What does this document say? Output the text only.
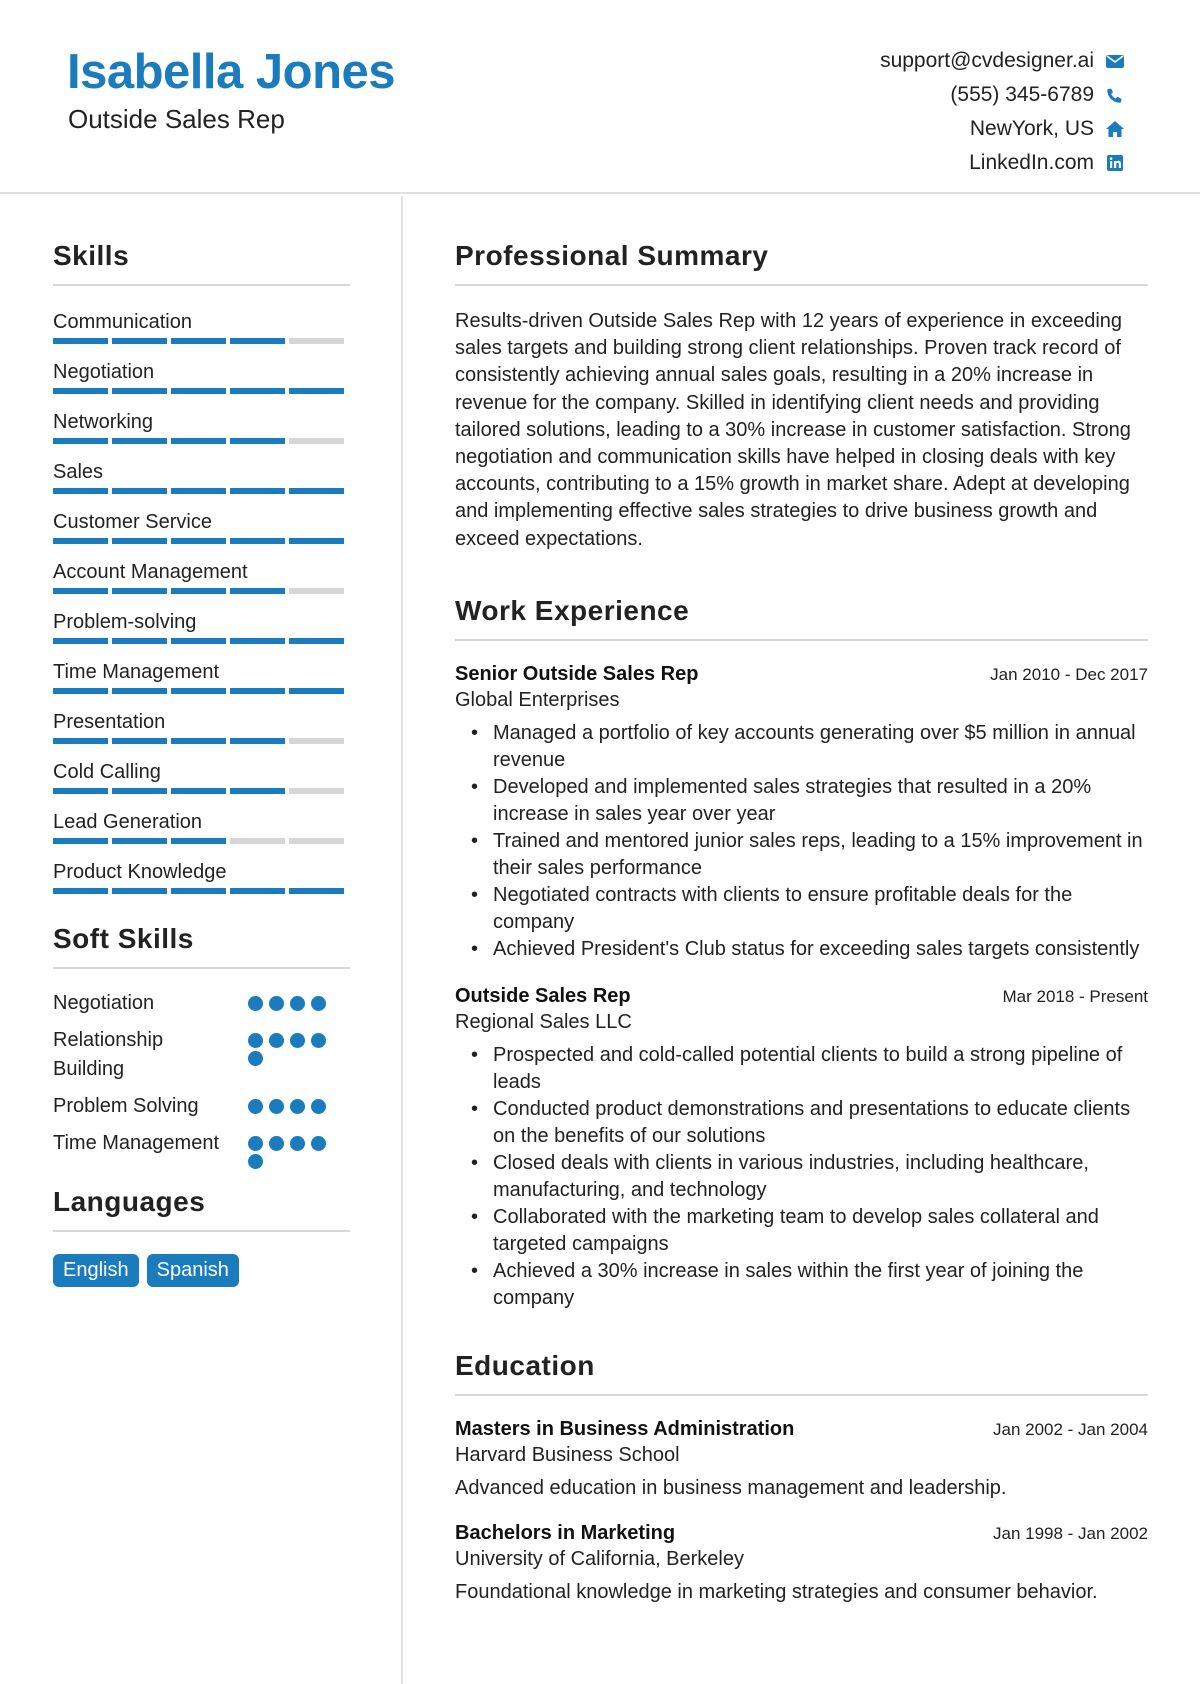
Isabella Jones
Outside Sales Rep
support@cvdesigner.ai
(555) 345-6789
NewYork, US
LinkedIn.com
Skills
Communication
Negotiation
Networking
Sales
Customer Service
Account Management
Problem-solving
Time Management
Presentation
Cold Calling
Lead Generation
Product Knowledge
Soft Skills
Negotiation
Relationship Building
Problem Solving
Time Management
Languages
English	Spanish
Professional Summary
Results-driven Outside Sales Rep with 12 years of experience in exceeding sales targets and building strong client relationships. Proven track record of consistently achieving annual sales goals, resulting in a 20% increase in revenue for the company. Skilled in identifying client needs and providing tailored solutions, leading to a 30% increase in customer satisfaction. Strong negotiation and communication skills have helped in closing deals with key accounts, contributing to a 15% growth in market share. Adept at developing and implementing effective sales strategies to drive business growth and exceed expectations.
Work Experience
Senior Outside Sales Rep	Jan 2010 - Dec 2017
Global Enterprises
• Managed a portfolio of key accounts generating over $5 million in annual revenue
• Developed and implemented sales strategies that resulted in a 20% increase in sales year over year
• Trained and mentored junior sales reps, leading to a 15% improvement in their sales performance
• Negotiated contracts with clients to ensure profitable deals for the company
• Achieved President's Club status for exceeding sales targets consistently
Outside Sales Rep	Mar 2018 - Present
Regional Sales LLC
• Prospected and cold-called potential clients to build a strong pipeline of leads
• Conducted product demonstrations and presentations to educate clients on the benefits of our solutions
• Closed deals with clients in various industries, including healthcare, manufacturing, and technology
• Collaborated with the marketing team to develop sales collateral and targeted campaigns
• Achieved a 30% increase in sales within the first year of joining the company
Education
Masters in Business Administration	Jan 2002 - Jan 2004
Harvard Business School
Advanced education in business management and leadership.
Bachelors in Marketing	Jan 1998 - Jan 2002
University of California, Berkeley
Foundational knowledge in marketing strategies and consumer behavior.
